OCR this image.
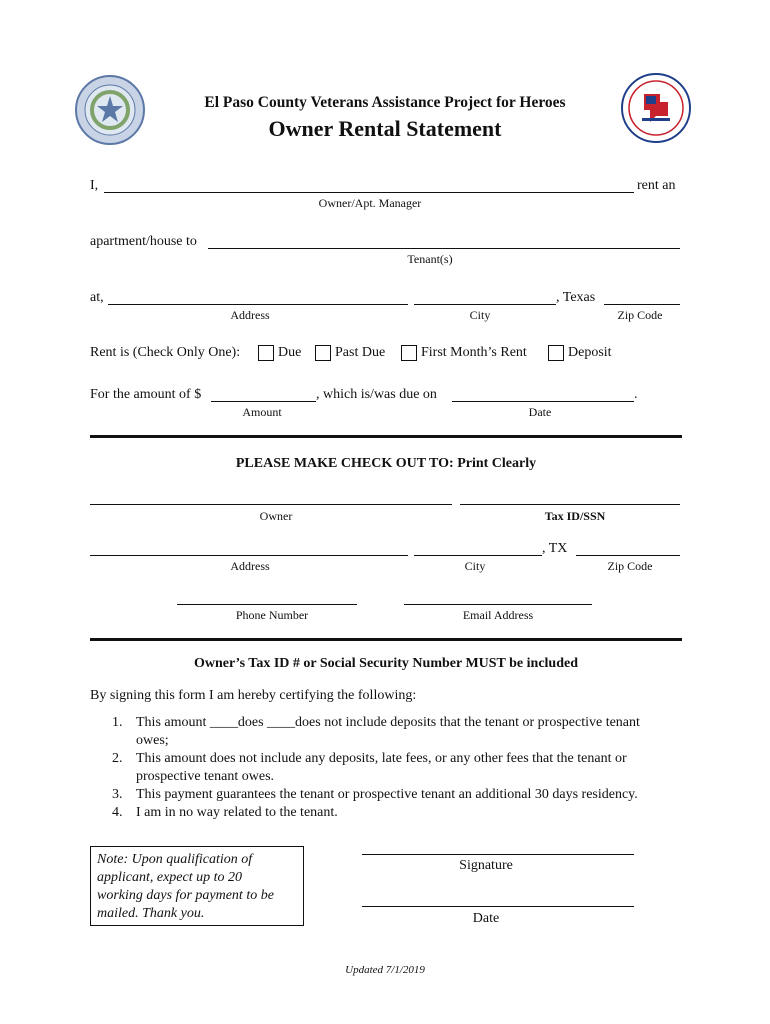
El Paso County Veterans Assistance Project for Heroes
Owner Rental Statement
I,	rent an
Owner/Apt. Manager
apartment/house to
Tenant(s)
at,	, Texas
Address	City	Zip Code
Rent is (Check Only One):	Due Past Due	First Month’s Rent	Deposit
For the amount of $	, which is/was due on	.
Amount	Date
PLEASE MAKE CHECK OUT TO: Print Clearly
Owner	Tax ID/SSN
, TX
Address	City	Zip Code
Phone Number	Email Address
Owner’s Tax ID # or Social Security Number MUST be included
By signing this form I am hereby certifying the following:
1. This amount ____does ____does not include deposits that the tenant or prospective tenant
owes;
2. This amount does not include any deposits, late fees, or any other fees that the tenant or
prospective tenant owes.
3. This payment guarantees the tenant or prospective tenant an additional 30 days residency.
4. I am in no way related to the tenant.
Note: Upon qualification of
applicant, expect up to 20
working days for payment to be
mailed. Thank you.
Signature
Date
Updated 7/1/2019
